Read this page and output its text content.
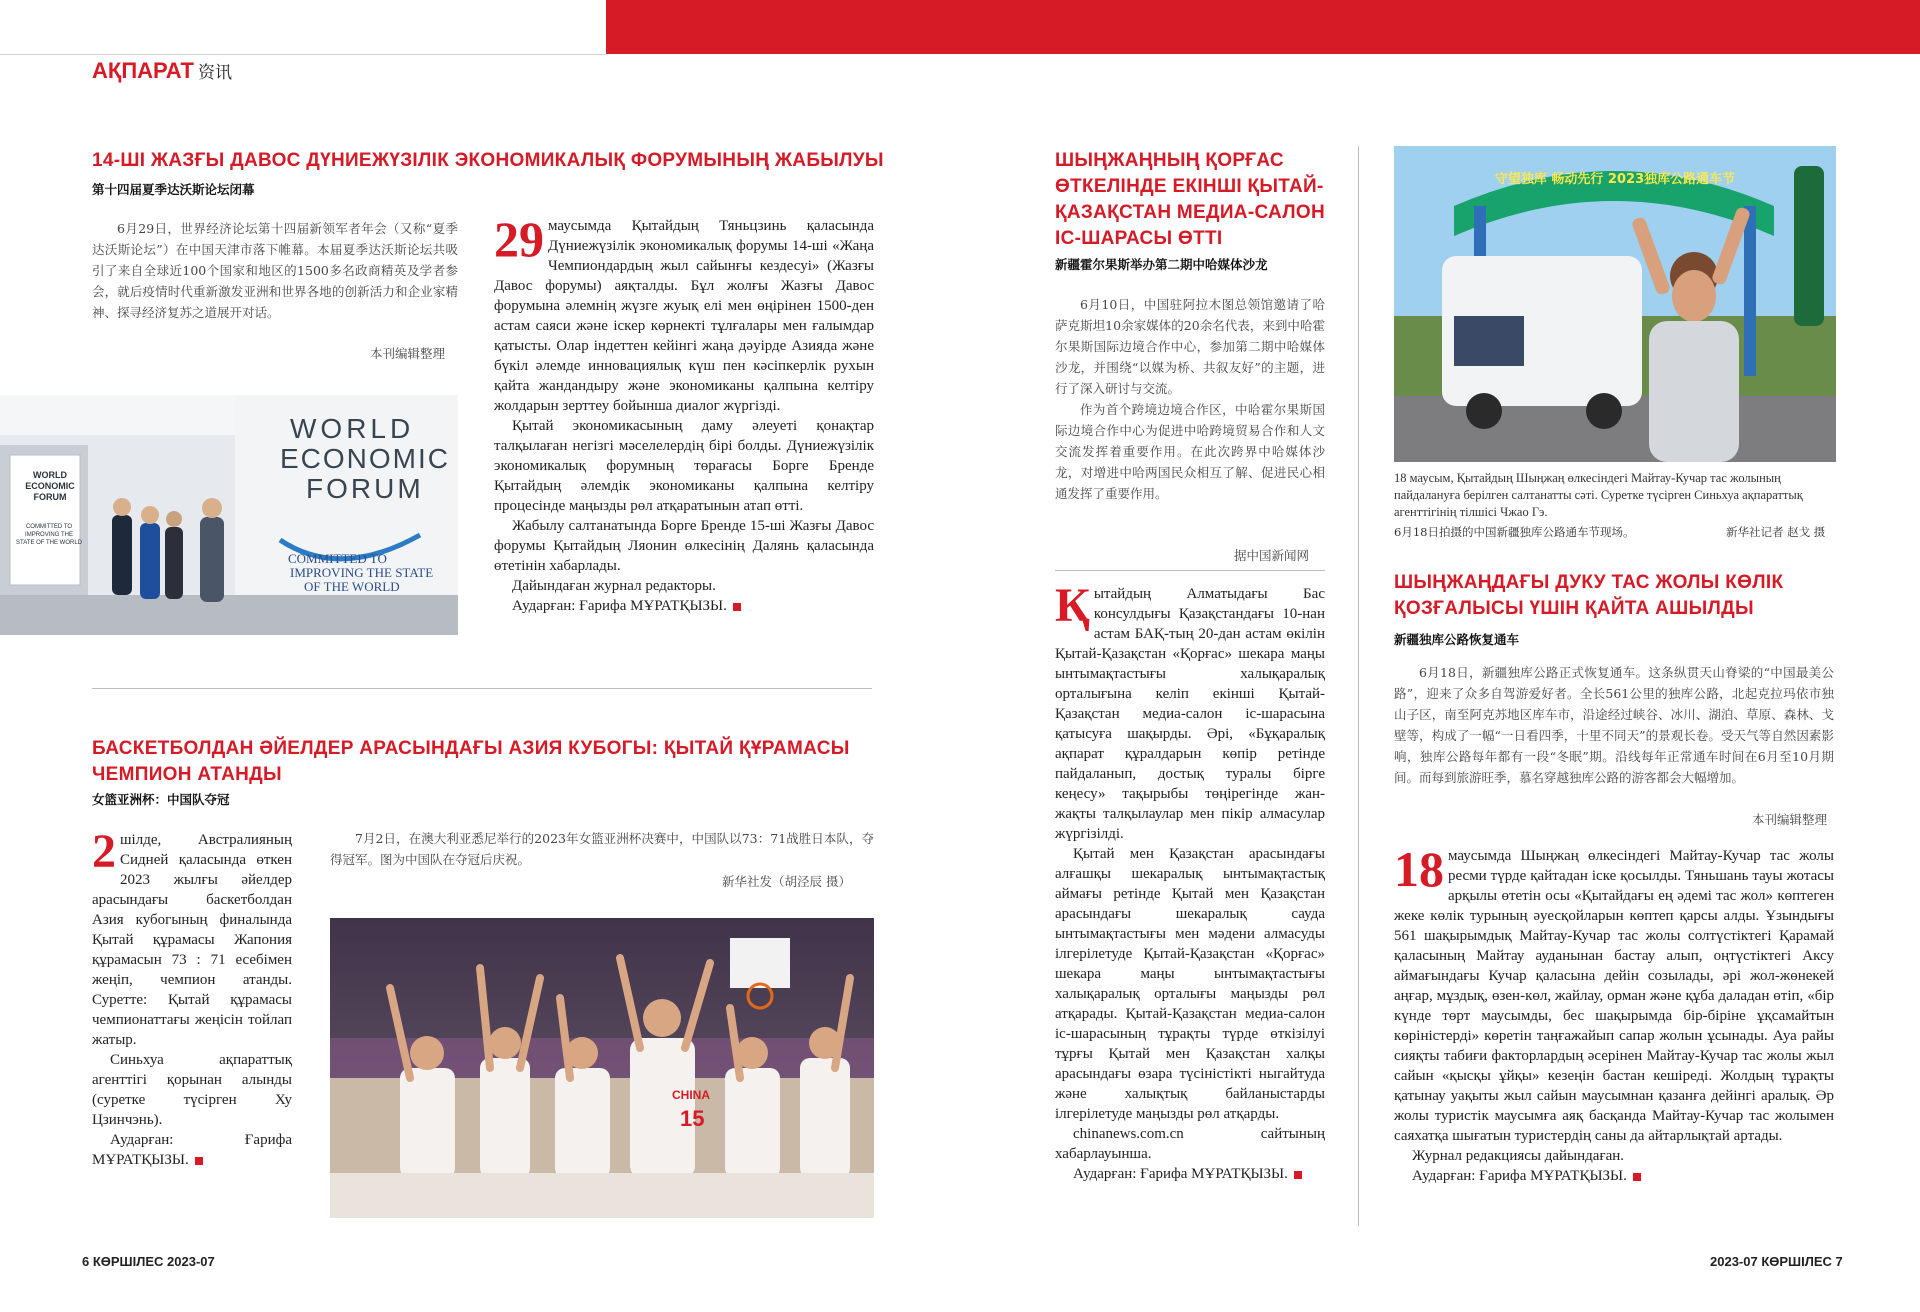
АҚПАРАТ 资讯
14-ШІ ЖАЗҒЫ ДАВОС ДҮНИЕЖҮЗІЛІК ЭКОНОМИКАЛЫҚ ФОРУМЫНЫҢ ЖАБЫЛУЫ
第十四届夏季达沃斯论坛闭幕

6月29日，世界经济论坛第十四届新领军者年会（又称“夏季达沃斯论坛”）在中国天津市落下帷幕。本届夏季达沃斯论坛共吸引了来自全球近100个国家和地区的1500多名政商精英及学者参会，就后疫情时代重新激发亚洲和世界各地的创新活力和企业家精神、探寻经济复苏之道展开对话。

本刊编辑整理
WORLD ECONOMIC FORUM
COMMITTED TO IMPROVING THE STATE OF THE WORLD
WORLD
ECONOMIC
FORUM
COMMITTED TO
IMPROVING THE STATE
OF THE WORLD

29 маусымда Қытайдың Тяньцзинь қаласында Дүниежүзілік экономикалық форумы 14-ші «Жаңа Чемпиондардың жыл сайынғы кездесуі» (Жазғы Давос форумы) аяқталды. Бұл жолғы Жазғы Давос форумына әлемнің жүзге жуық елі мен өңірінен 1500-ден астам саяси және іскер көрнекті тұлғалары мен ғалымдар қатысты. Олар індеттен кейінгі жаңа дәуірде Азияда және бүкіл әлемде инновациялық күш пен кәсіпкерлік рухын қайта жандандыру және экономиканы қалпына келтіру жолдарын зерттеу бойынша диалог жүргізді.

Қытай экономикасының даму әлеуеті қонақтар талқылаған негізгі мәселелердің бірі болды. Дүниежүзілік экономикалық форумның төрағасы Борге Бренде Қытайдың әлемдік экономиканы қалпына келтіру процесінде маңызды рөл атқаратынын атап өтті.

Жабылу салтанатында Борге Бренде 15-ші Жазғы Давос форумы Қытайдың Ляонин өлкесінің Далянь қаласында өтетінін хабарлады.

Дайындаған журнал редакторы.

Аударған: Ғарифа МҰРАТҚЫЗЫ.

БАСКЕТБОЛДАН ӘЙЕЛДЕР АРАСЫНДАҒЫ АЗИЯ КУБОГЫ: ҚЫТАЙ ҚҰРАМАСЫ ЧЕМПИОН АТАНДЫ
女篮亚洲杯：中国队夺冠

2 шілде, Австралияның Сидней қаласында өткен 2023 жылғы әйелдер арасындағы баскетболдан Азия кубогының финалында Қытай құрамасы Жапония құрамасын 73 : 71 есебімен жеңіп, чемпион атанды. Суретте: Қытай құрамасы чемпионаттағы жеңісін тойлап жатыр.

Синьхуа ақпараттық агенттігі қорынан алынды (суретке түсірген Ху Цзинчэнь).

Аударған: Ғарифа МҰРАТҚЫЗЫ.

7月2日，在澳大利亚悉尼举行的2023年女篮亚洲杯决赛中，中国队以73：71战胜日本队，夺得冠军。图为中国队在夺冠后庆祝。

新华社发（胡泾辰 摄）
CHINA
15
ШЫҢЖАҢНЫҢ ҚОРҒАС ӨТКЕЛІНДЕ ЕКІНШІ ҚЫТАЙ-ҚАЗАҚСТАН МЕДИА-САЛОН ІС-ШАРАСЫ ӨТТІ
新疆霍尔果斯举办第二期中哈媒体沙龙

6月10日，中国驻阿拉木图总领馆邀请了哈萨克斯坦10余家媒体的20余名代表，来到中哈霍尔果斯国际边境合作中心，参加第二期中哈媒体沙龙，并围绕“以媒为桥、共叙友好”的主题，进行了深入研讨与交流。

作为首个跨境边境合作区，中哈霍尔果斯国际边境合作中心为促进中哈跨境贸易合作和人文交流发挥着重要作用。在此次跨界中哈媒体沙龙，对增进中哈两国民众相互了解、促进民心相通发挥了重要作用。

据中国新闻网

Қытайдың Алматыдағы Бас консулдығы Қазақстандағы 10-нан астам БАҚ-тың 20-дан астам өкілін Қытай-Қазақстан «Қорғас» шекара маңы ынтымақтастығы халықаралық орталығына келіп екінші Қытай-Қазақстан медиа-салон іс-шарасына қатысуға шақырды. Әрі, «Бұқаралық ақпарат құралдарын көпір ретінде пайдаланып, достық туралы бірге кеңесу» тақырыбы төңірегінде жан-жақты талқылаулар мен пікір алмасулар жүргізілді.

Қытай мен Қазақстан арасындағы алғашқы шекаралық ынтымақтастық аймағы ретінде Қытай мен Қазақстан арасындағы шекаралық сауда ынтымақтастығы мен мәдени алмасуды ілгерілетуде Қытай-Қазақстан «Қорғас» шекара маңы ынтымақтастығы халықаралық орталығы маңызды рөл атқарады. Қытай-Қазақстан медиа-салон іс-шарасының тұрақты түрде өткізілуі тұрғы Қытай мен Қазақстан халқы арасындағы өзара түсіністікті ныгайтуда және халықтық байланыстарды ілгерілетуде маңызды рөл атқарды.

chinanews.com.cn сайтының хабарлауынша.

Аударған: Ғарифа МҰРАТҚЫЗЫ.

守望独库 畅动先行 2023独库公路通车节
18 маусым, Қытайдың Шыңжаң өлкесіндегі Майтау-Кучар тас жолының пайдалануға берілген салтанатты сәті. Суретке түсірген Синьхуа ақпараттық агенттігінің тілшісі Чжао Гэ.
6月18日拍摄的中国新疆独库公路通车节现场。	新华社记者 赵戈 摄
ШЫҢЖАҢДАҒЫ ДУКУ ТАС ЖОЛЫ КӨЛІК ҚОЗҒАЛЫСЫ ҮШІН ҚАЙТА АШЫЛДЫ
新疆独库公路恢复通车

6月18日，新疆独库公路正式恢复通车。这条纵贯天山脊梁的“中国最美公路”，迎来了众多自驾游爱好者。全长561公里的独库公路，北起克拉玛依市独山子区，南至阿克苏地区库车市，沿途经过峡谷、冰川、湖泊、草原、森林、戈壁等，构成了一幅“一日看四季，十里不同天”的景观长卷。受天气等自然因素影响，独库公路每年都有一段“冬眠”期。沿线每年正常通车时间在6月至10月期间。而每到旅游旺季，慕名穿越独库公路的游客都会大幅增加。

本刊编辑整理

18 маусымда Шыңжаң өлкесіндегі Майтау-Кучар тас жолы ресми түрде қайтадан іске қосылды. Тяньшань тауы жотасы арқылы өтетін осы «Қытайдағы ең әдемі тас жол» көптеген жеке көлік турының әуесқойларын көптеп қарсы алды. Ұзындығы 561 шақырымдық Майтау-Кучар тас жолы солтүстіктегі Қарамай қаласының Майтау ауданынан бастау алып, оңтүстіктегі Аксу аймағындағы Кучар қаласына дейін созылады, әрі жол-жөнекей аңғар, мұздық, өзен-көл, жайлау, орман және құба даладан өтіп, «бір күнде төрт маусымды, бес шақырымда бір-біріне ұқсамайтын көріністерді» көретін таңғажайып сапар жолын ұсынады. Ауа райы сияқты табиғи факторлардың әсерінен Майтау-Кучар тас жолы жыл сайын «қысқы ұйқы» кезеңін бастан кешіреді. Жолдың тұрақты қатынау уақыты жыл сайын маусымнан қазанға дейінгі аралық. Әр жолы туристік маусымға аяқ басқанда Майтау-Кучар тас жолымен саяхатқа шығатын туристердің саны да айтарлықтай артады.

Журнал редакциясы дайындаған.

Аударған: Ғарифа МҰРАТҚЫЗЫ.

6 КӨРШІЛЕС 2023-07	2023-07 КӨРШІЛЕС 7
